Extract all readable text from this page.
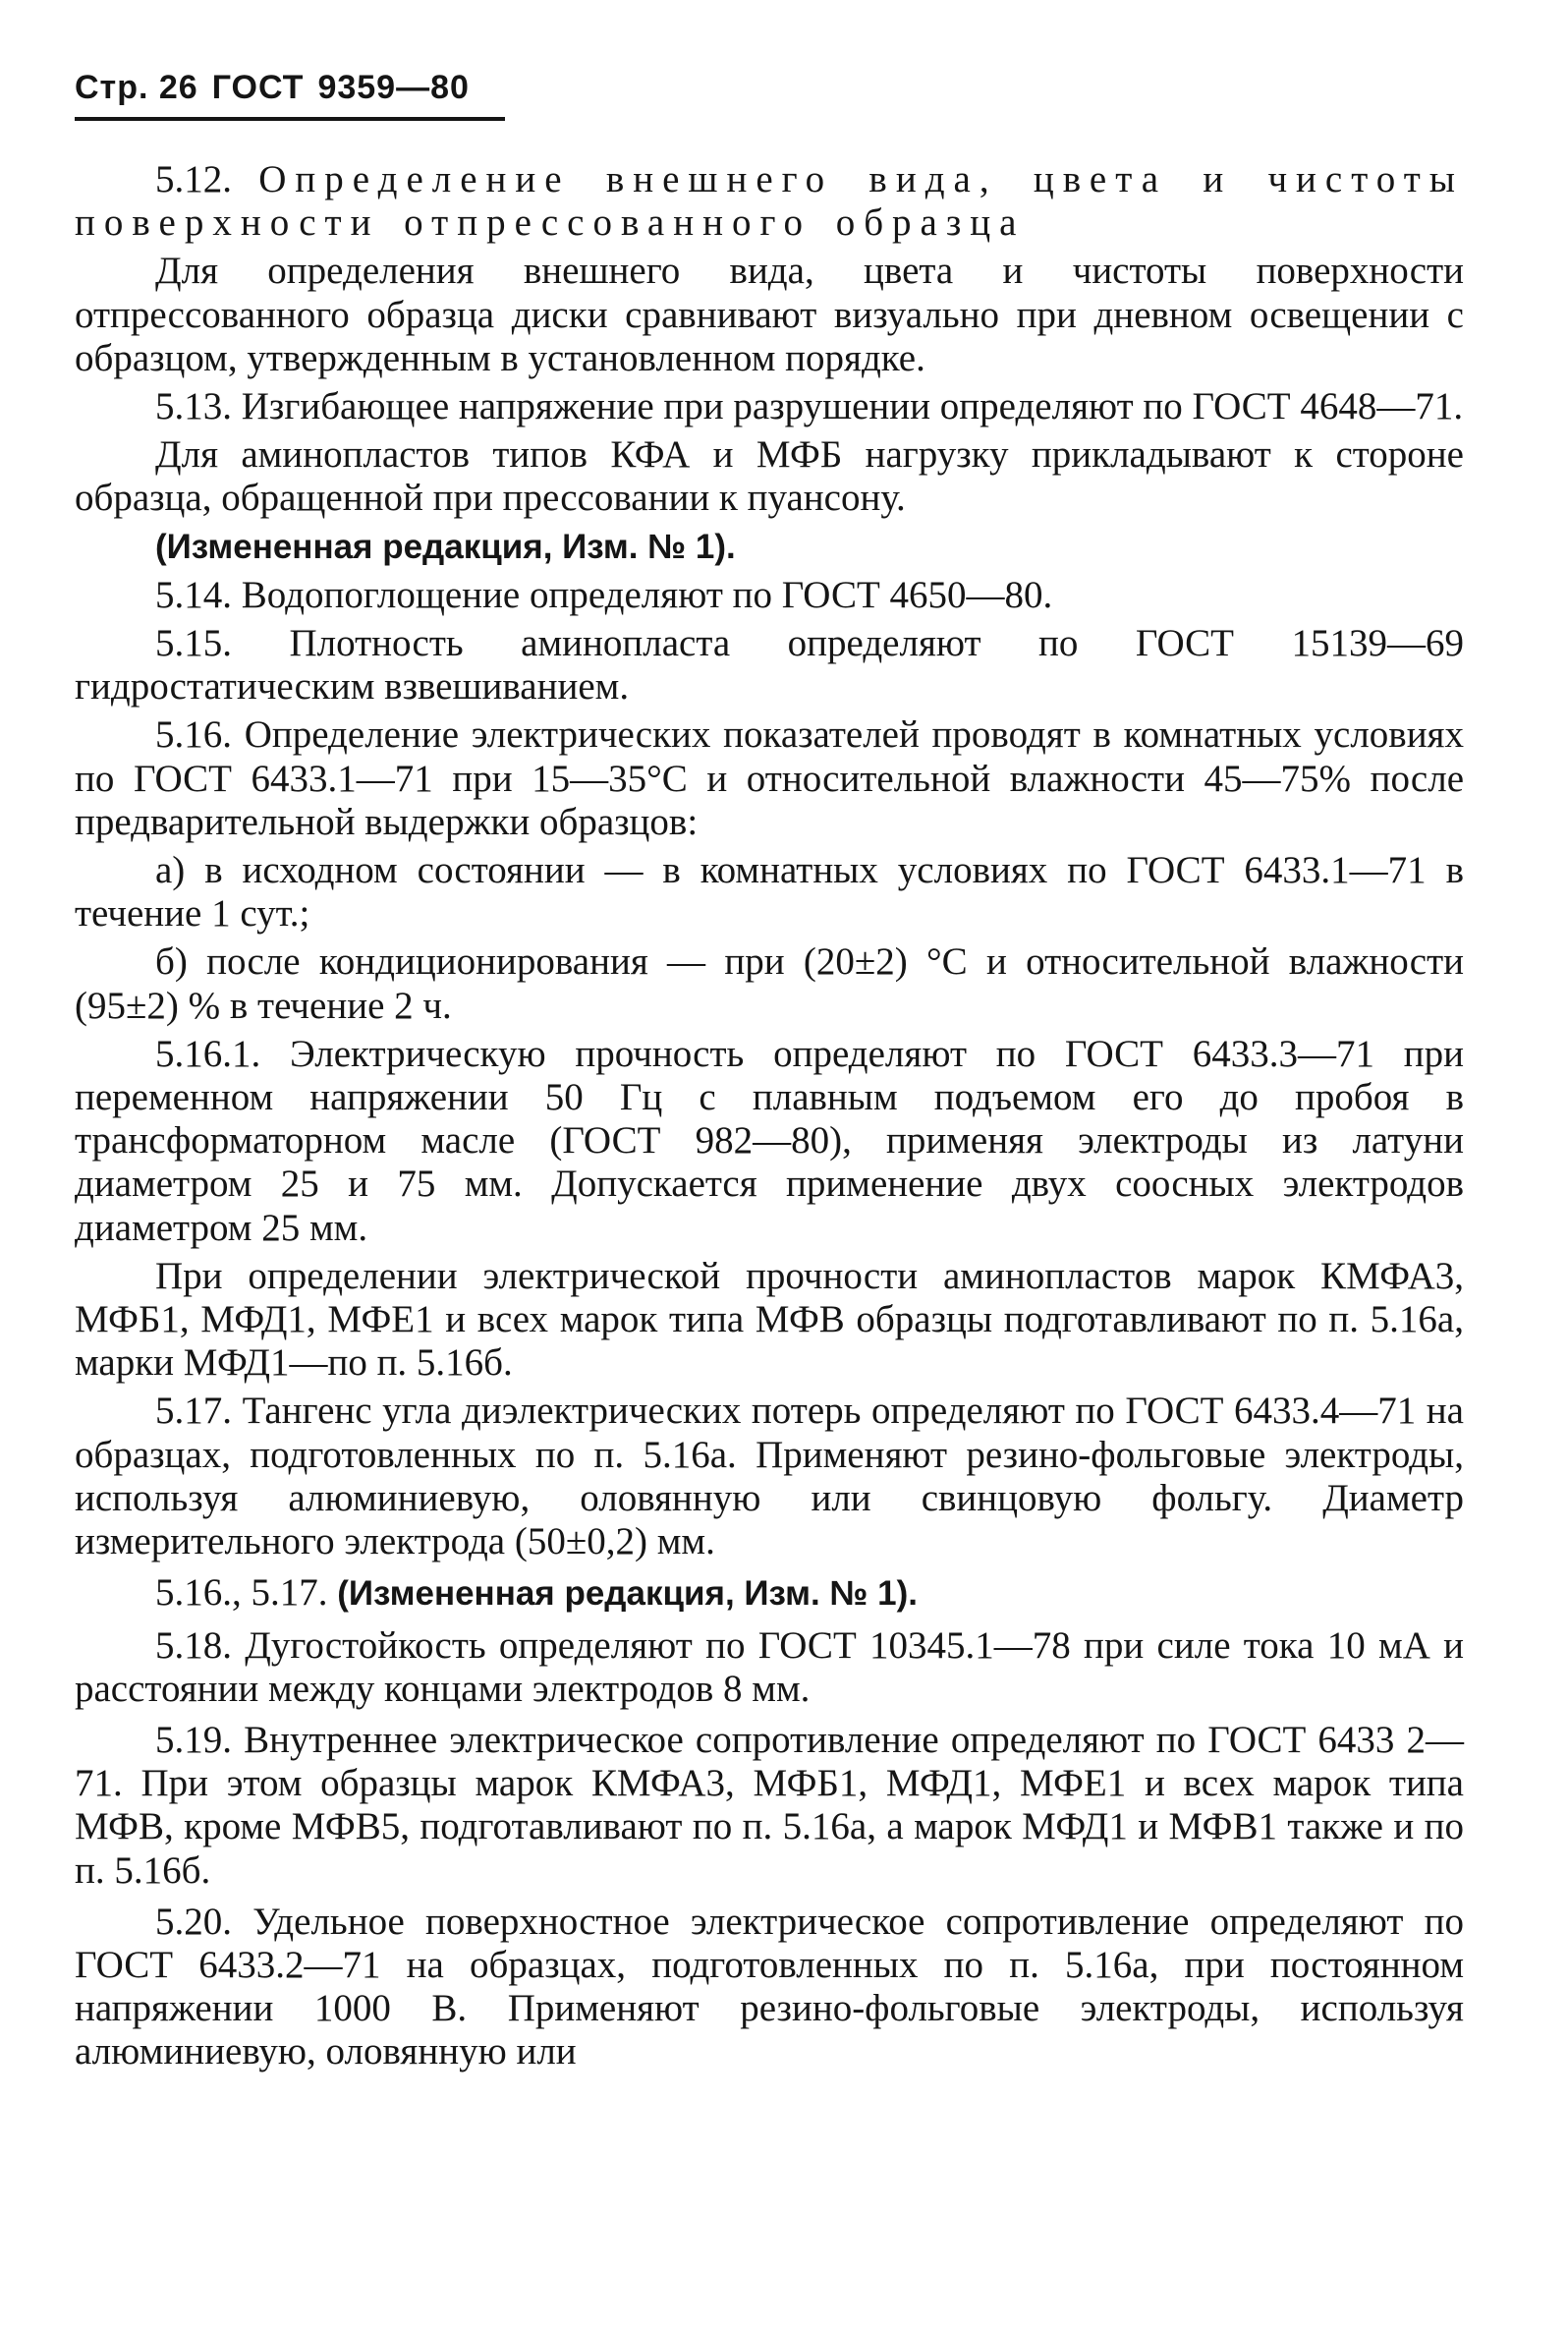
Стр. 26 ГОСТ 9359—80
5.12. Определение внешнего вида, цвета и чистоты поверхности отпрессованного образца
Для определения внешнего вида, цвета и чистоты поверхности отпрессованного образца диски сравнивают визуально при дневном освещении с образцом, утвержденным в установленном порядке.
5.13. Изгибающее напряжение при разрушении определяют по ГОСТ 4648—71.
Для аминопластов типов КФА и МФБ нагрузку прикладывают к стороне образца, обращенной при прессовании к пуансону.
(Измененная редакция, Изм. № 1).
5.14. Водопоглощение определяют по ГОСТ 4650—80.
5.15. Плотность аминопласта определяют по ГОСТ 15139—69 гидростатическим взвешиванием.
5.16. Определение электрических показателей проводят в комнатных условиях по ГОСТ 6433.1—71 при 15—35°С и относительной влажности 45—75% после предварительной выдержки образцов:
а) в исходном состоянии — в комнатных условиях по ГОСТ 6433.1—71 в течение 1 сут.;
б) после кондиционирования — при (20±2) °С и относительной влажности (95±2) % в течение 2 ч.
5.16.1. Электрическую прочность определяют по ГОСТ 6433.3—71 при переменном напряжении 50 Гц с плавным подъемом его до пробоя в трансформаторном масле (ГОСТ 982—80), применяя электроды из латуни диаметром 25 и 75 мм. Допускается применение двух соосных электродов диаметром 25 мм.
При определении электрической прочности аминопластов марок КМФА3, МФБ1, МФД1, МФЕ1 и всех марок типа МФВ образцы подготавливают по п. 5.16а, марки МФД1—по п. 5.16б.
5.17. Тангенс угла диэлектрических потерь определяют по ГОСТ 6433.4—71 на образцах, подготовленных по п. 5.16а. Применяют резино-фольговые электроды, используя алюминиевую, оловянную или свинцовую фольгу. Диаметр измерительного электрода (50±0,2) мм.
5.16., 5.17. (Измененная редакция, Изм. № 1).
5.18. Дугостойкость определяют по ГОСТ 10345.1—78 при силе тока 10 мА и расстоянии между концами электродов 8 мм.
5.19. Внутреннее электрическое сопротивление определяют по ГОСТ 6433 2—71. При этом образцы марок КМФА3, МФБ1, МФД1, МФЕ1 и всех марок типа МФВ, кроме МФВ5, подготавливают по п. 5.16а, а марок МФД1 и МФВ1 также и по п. 5.16б.
5.20. Удельное поверхностное электрическое сопротивление определяют по ГОСТ 6433.2—71 на образцах, подготовленных по п. 5.16а, при постоянном напряжении 1000 В. Применяют резино-фольговые электроды, используя алюминиевую, оловянную или
